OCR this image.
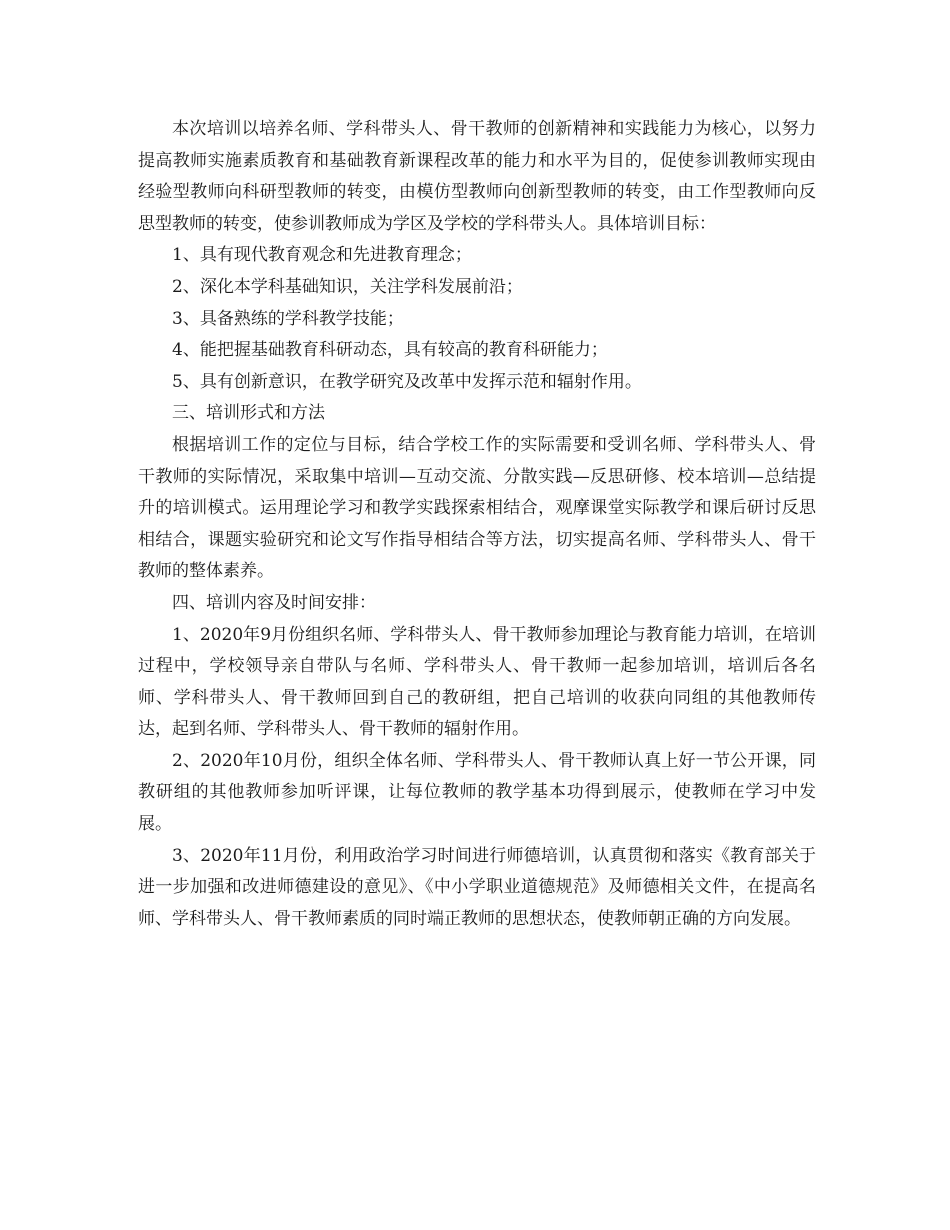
本次培训以培养名师、学科带头人、骨干教师的创新精神和实践能力为核心，以努力提高教师实施素质教育和基础教育新课程改革的能力和水平为目的，促使参训教师实现由经验型教师向科研型教师的转变，由模仿型教师向创新型教师的转变，由工作型教师向反思型教师的转变，使参训教师成为学区及学校的学科带头人。具体培训目标：

1、具有现代教育观念和先进教育理念；

2、深化本学科基础知识，关注学科发展前沿；

3、具备熟练的学科教学技能；

4、能把握基础教育科研动态，具有较高的教育科研能力；

5、具有创新意识，在教学研究及改革中发挥示范和辐射作用。

三、培训形式和方法

根据培训工作的定位与目标，结合学校工作的实际需要和受训名师、学科带头人、骨干教师的实际情况，采取集中培训—互动交流、分散实践—反思研修、校本培训—总结提升的培训模式。运用理论学习和教学实践探索相结合，观摩课堂实际教学和课后研讨反思相结合，课题实验研究和论文写作指导相结合等方法，切实提高名师、学科带头人、骨干教师的整体素养。

四、培训内容及时间安排：

1、2020年9月份组织名师、学科带头人、骨干教师参加理论与教育能力培训，在培训过程中，学校领导亲自带队与名师、学科带头人、骨干教师一起参加培训，培训后各名师、学科带头人、骨干教师回到自己的教研组，把自己培训的收获向同组的其他教师传达，起到名师、学科带头人、骨干教师的辐射作用。

2、2020年10月份，组织全体名师、学科带头人、骨干教师认真上好一节公开课，同教研组的其他教师参加听评课，让每位教师的教学基本功得到展示，使教师在学习中发展。

3、2020年11月份，利用政治学习时间进行师德培训，认真贯彻和落实《教育部关于进一步加强和改进师德建设的意见》、《中小学职业道德规范》及师德相关文件，在提高名师、学科带头人、骨干教师素质的同时端正教师的思想状态，使教师朝正确的方向发展。
